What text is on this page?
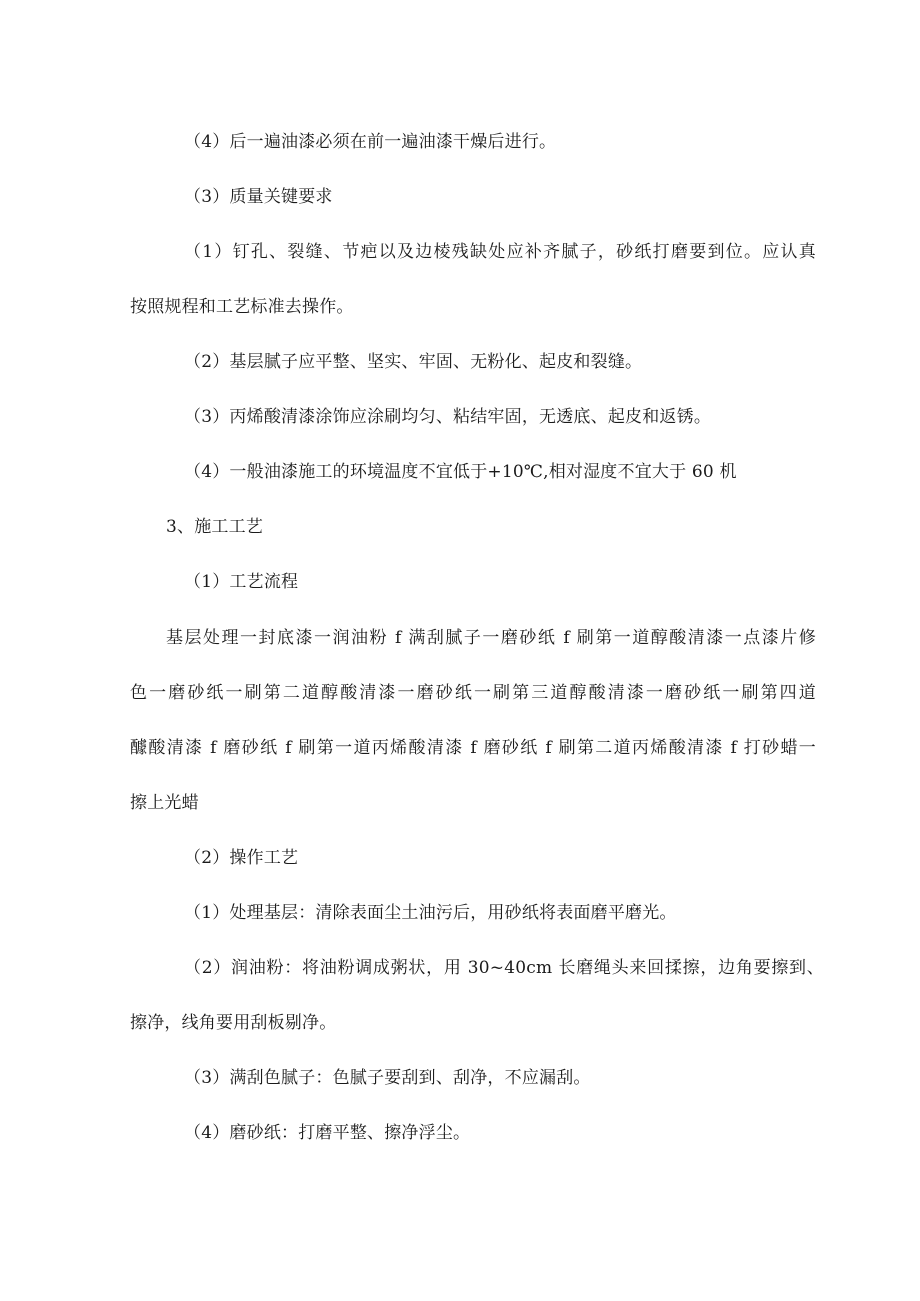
（4）后一遍油漆必须在前一遍油漆干燥后进行。
（3）质量关键要求
（1）钉孔、裂缝、节疤以及边棱残缺处应补齐腻子，砂纸打磨要到位。应认真
按照规程和工艺标准去操作。
（2）基层腻子应平整、坚实、牢固、无粉化、起皮和裂缝。
（3）丙烯酸清漆涂饰应涂刷均匀、粘结牢固，无透底、起皮和返锈。
（4）一般油漆施工的环境温度不宜低于+10℃,相对湿度不宜大于 60 机
3、施工工艺
（1）工艺流程
基层处理一封底漆一润油粉 f 满刮腻子一磨砂纸 f 刷第一道醇酸清漆一点漆片修
色一磨砂纸一刷第二道醇酸清漆一磨砂纸一刷第三道醇酸清漆一磨砂纸一刷第四道
醵酸清漆 f 磨砂纸 f 刷第一道丙烯酸清漆 f 磨砂纸 f 刷第二道丙烯酸清漆 f 打砂蜡一
擦上光蜡
（2）操作工艺
（1）处理基层：清除表面尘土油污后，用砂纸将表面磨平磨光。
（2）润油粉：将油粉调成粥状，用 30~40cm 长磨绳头来回揉擦，边角要擦到、
擦净，线角要用刮板剔净。
（3）满刮色腻子：色腻子要刮到、刮净，不应漏刮。
（4）磨砂纸：打磨平整、擦净浮尘。
